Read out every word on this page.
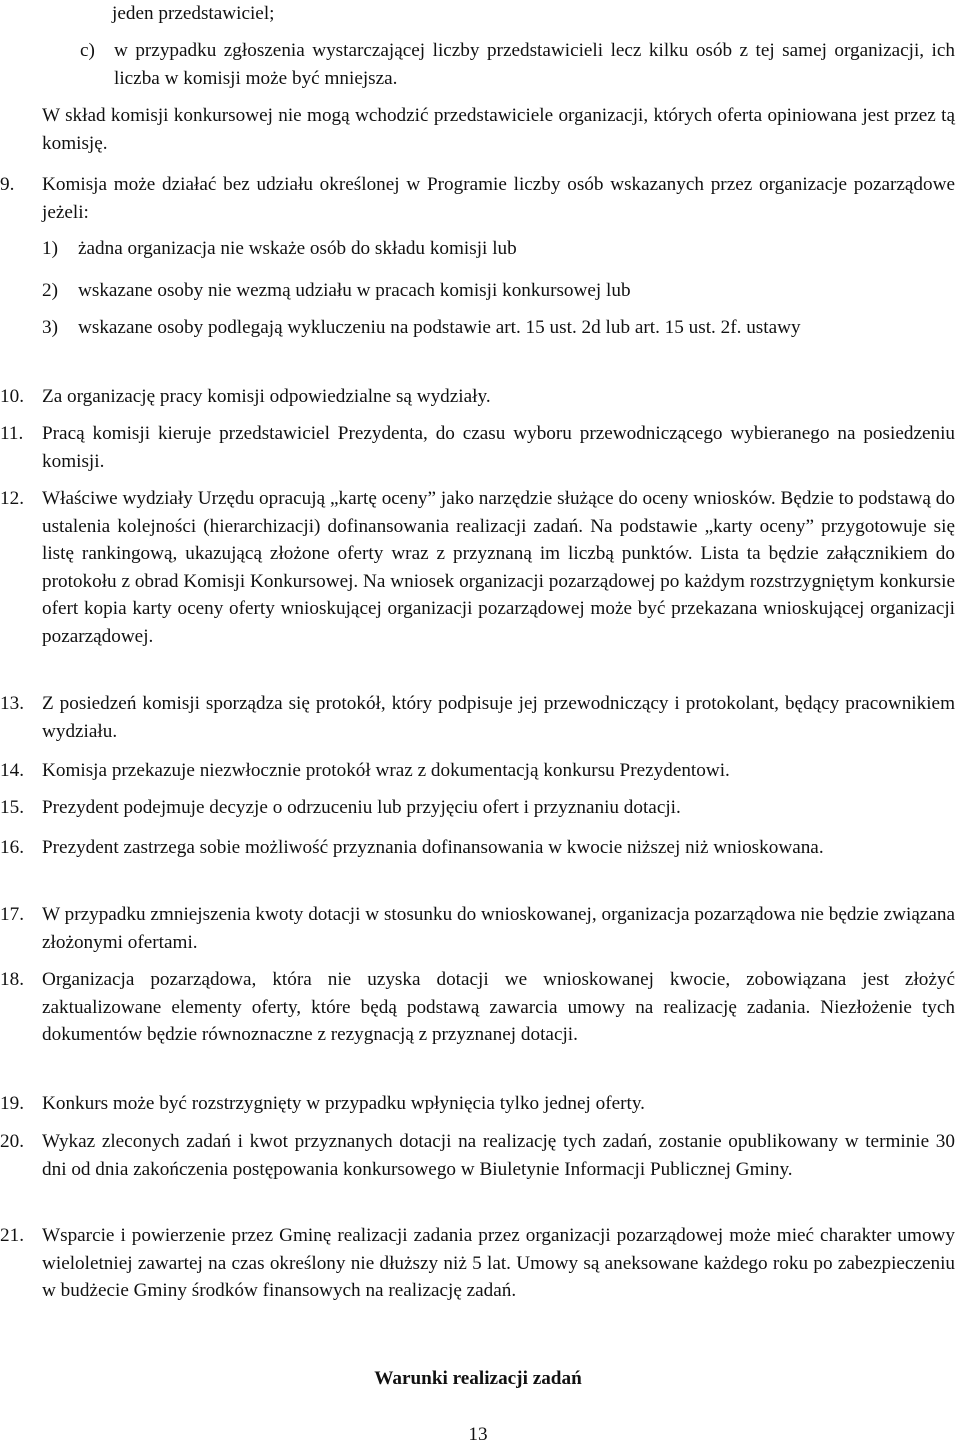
jeden przedstawiciel;
c) w przypadku zgłoszenia wystarczającej liczby przedstawicieli lecz kilku osób z tej samej organizacji, ich liczba w komisji może być mniejsza.
W skład komisji konkursowej nie mogą wchodzić przedstawiciele organizacji, których oferta opiniowana jest przez tą komisję.
9. Komisja może działać bez udziału określonej w Programie liczby osób wskazanych przez organizacje pozarządowe jeżeli:
1) żadna organizacja nie wskaże osób do składu komisji lub
2) wskazane osoby nie wezmą udziału w pracach komisji konkursowej lub
3) wskazane osoby podlegają wykluczeniu na podstawie art. 15 ust. 2d lub art. 15 ust. 2f. ustawy
10. Za organizację pracy komisji odpowiedzialne są wydziały.
11. Pracą komisji kieruje przedstawiciel Prezydenta, do czasu wyboru przewodniczącego wybieranego na posiedzeniu komisji.
12. Właściwe wydziały Urzędu opracują „kartę oceny” jako narzędzie służące do oceny wniosków. Będzie to podstawą do ustalenia kolejności (hierarchizacji) dofinansowania realizacji zadań. Na podstawie „karty oceny” przygotowuje się listę rankingową, ukazującą złożone oferty wraz z przyznaną im liczbą punktów. Lista ta będzie załącznikiem do protokołu z obrad Komisji Konkursowej. Na wniosek organizacji pozarządowej po każdym rozstrzygniętym konkursie ofert kopia karty oceny oferty wnioskującej organizacji pozarządowej może być przekazana wnioskującej organizacji pozarządowej.
13. Z posiedzeń komisji sporządza się protokół, który podpisuje jej przewodniczący i protokolant, będący pracownikiem wydziału.
14. Komisja przekazuje niezwłocznie protokół wraz z dokumentacją konkursu Prezydentowi.
15. Prezydent podejmuje decyzje o odrzuceniu lub przyjęciu ofert i przyznaniu dotacji.
16. Prezydent zastrzega sobie możliwość przyznania dofinansowania w kwocie niższej niż wnioskowana.
17. W przypadku zmniejszenia kwoty dotacji w stosunku do wnioskowanej, organizacja pozarządowa nie będzie związana złożonymi ofertami.
18. Organizacja pozarządowa, która nie uzyska dotacji we wnioskowanej kwocie, zobowiązana jest złożyć zaktualizowane elementy oferty, które będą podstawą zawarcia umowy na realizację zadania. Niezłożenie tych dokumentów będzie równoznaczne z rezygnacją z przyznanej dotacji.
19. Konkurs może być rozstrzygnięty w przypadku wpłynięcia tylko jednej oferty.
20. Wykaz zleconych zadań i kwot przyznanych dotacji na realizację tych zadań, zostanie opublikowany w terminie 30 dni od dnia zakończenia postępowania konkursowego w Biuletynie Informacji Publicznej Gminy.
21. Wsparcie i powierzenie przez Gminę realizacji zadania przez organizacji pozarządowej może mieć charakter umowy wieloletniej zawartej na czas określony nie dłuższy niż 5 lat. Umowy są aneksowane każdego roku po zabezpieczeniu w budżecie Gminy środków finansowych na realizację zadań.
Warunki realizacji zadań
13
